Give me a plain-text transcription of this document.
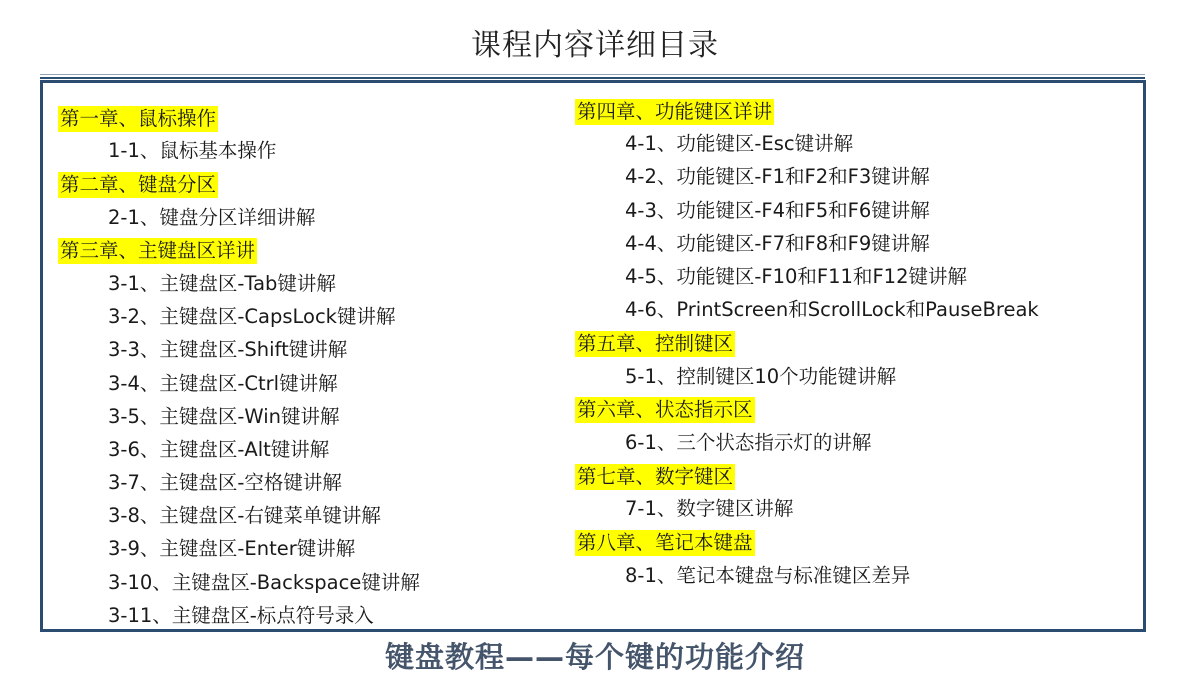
课程内容详细目录
第一章、鼠标操作
1-1、鼠标基本操作
第二章、键盘分区
2-1、键盘分区详细讲解
第三章、主键盘区详讲
3-1、主键盘区-Tab键讲解
3-2、主键盘区-CapsLock键讲解
3-3、主键盘区-Shift键讲解
3-4、主键盘区-Ctrl键讲解
3-5、主键盘区-Win键讲解
3-6、主键盘区-Alt键讲解
3-7、主键盘区-空格键讲解
3-8、主键盘区-右键菜单键讲解
3-9、主键盘区-Enter键讲解
3-10、主键盘区-Backspace键讲解
3-11、主键盘区-标点符号录入
第四章、功能键区详讲
4-1、功能键区-Esc键讲解
4-2、功能键区-F1和F2和F3键讲解
4-3、功能键区-F4和F5和F6键讲解
4-4、功能键区-F7和F8和F9键讲解
4-5、功能键区-F10和F11和F12键讲解
4-6、PrintScreen和ScrollLock和PauseBreak
第五章、控制键区
5-1、控制键区10个功能键讲解
第六章、状态指示区
6-1、三个状态指示灯的讲解
第七章、数字键区
7-1、数字键区讲解
第八章、笔记本键盘
8-1、笔记本键盘与标准键区差异
键盘教程——每个键的功能介绍
